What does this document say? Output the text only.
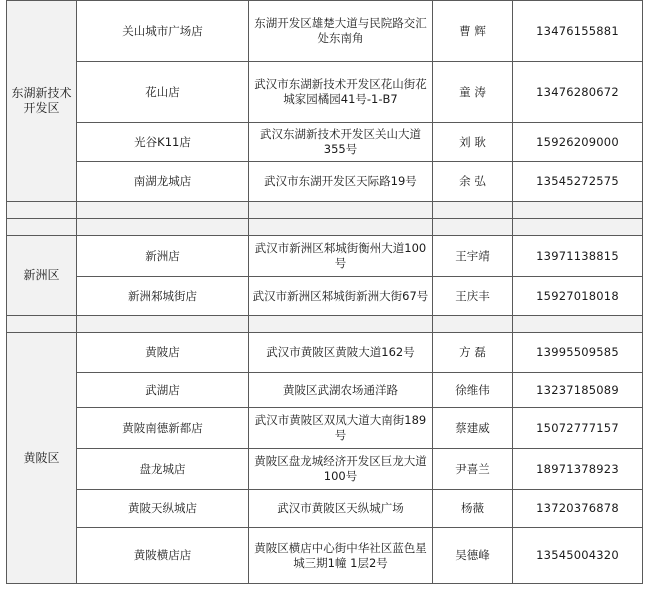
东湖新技术开发区	关山城市广场店	东湖开发区雄楚大道与民院路交汇处东南角	曹 辉	13476155881
	花山店	武汉市东湖新技术开发区花山街花城家园橘园41号-1-B7	童 涛	13476280672
	光谷K11店	武汉东湖新技术开发区关山大道355号	刘 耿	15926209000
	南湖龙城店	武汉市东湖开发区天际路19号	余 弘	13545272575

新洲区	新洲店	武汉市新洲区邾城街衡州大道100号	王宇靖	13971138815
	新洲邾城街店	武汉市新洲区邾城街新洲大街67号	王庆丰	15927018018

黄陂区	黄陂店	武汉市黄陂区黄陂大道162号	方 磊	13995509585
	武湖店	黄陂区武湖农场通洋路	徐维伟	13237185089
	黄陂南德新都店	武汉市黄陂区双凤大道大南街189号	蔡建威	15072777157
	盘龙城店	黄陂区盘龙城经济开发区巨龙大道100号	尹喜兰	18971378923
	黄陂天纵城店	武汉市黄陂区天纵城广场	杨薇	13720376878
	黄陂横店店	黄陂区横店中心街中华社区蓝色星城三期1幢 1层2号	吴德峰	13545004320
